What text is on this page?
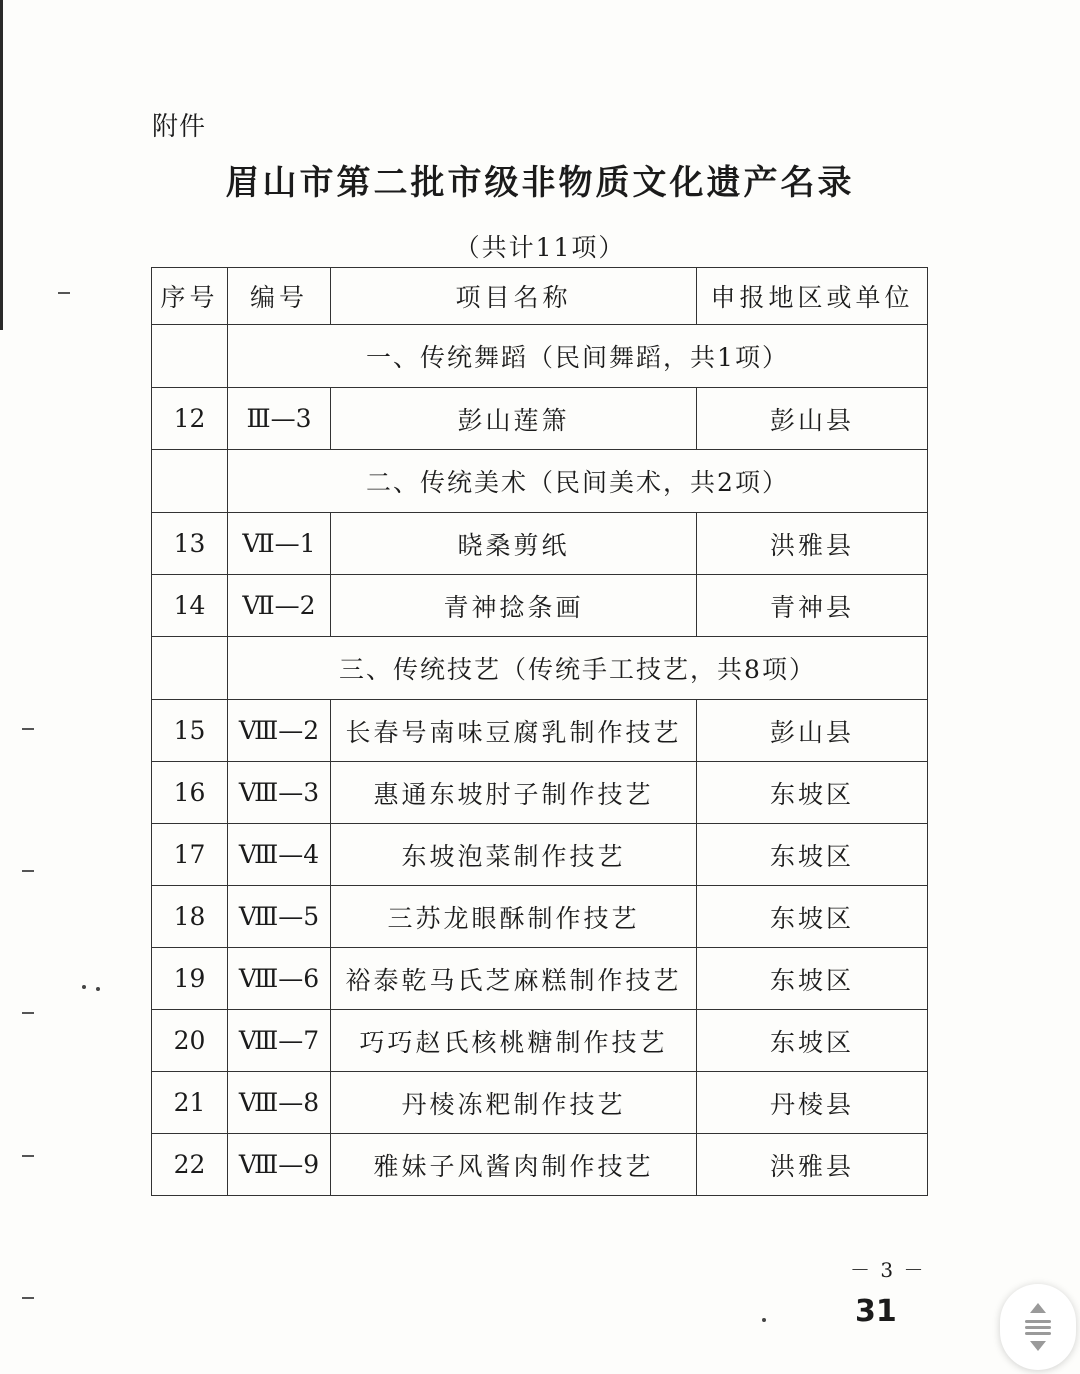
附件
眉山市第二批市级非物质文化遗产名录
（共计11项）
序号	编号	项目名称	申报地区或单位
	一、传统舞蹈（民间舞蹈，共1项）		
12	Ⅲ—3	彭山莲箫	彭山县
	二、传统美术（民间美术，共2项）		
13	Ⅶ—1	晓桑剪纸	洪雅县
14	Ⅶ—2	青神捻条画	青神县
	三、传统技艺（传统手工技艺，共8项）		
15	Ⅷ—2	长春号南味豆腐乳制作技艺	彭山县
16	Ⅷ—3	惠通东坡肘子制作技艺	东坡区
17	Ⅷ—4	东坡泡菜制作技艺	东坡区
18	Ⅷ—5	三苏龙眼酥制作技艺	东坡区
19	Ⅷ—6	裕泰乾马氏芝麻糕制作技艺	东坡区
20	Ⅷ—7	巧巧赵氏核桃糖制作技艺	东坡区
21	Ⅷ—8	丹棱冻粑制作技艺	丹棱县
22	Ⅷ—9	雅妹子风酱肉制作技艺	洪雅县
－ 3 －
31
